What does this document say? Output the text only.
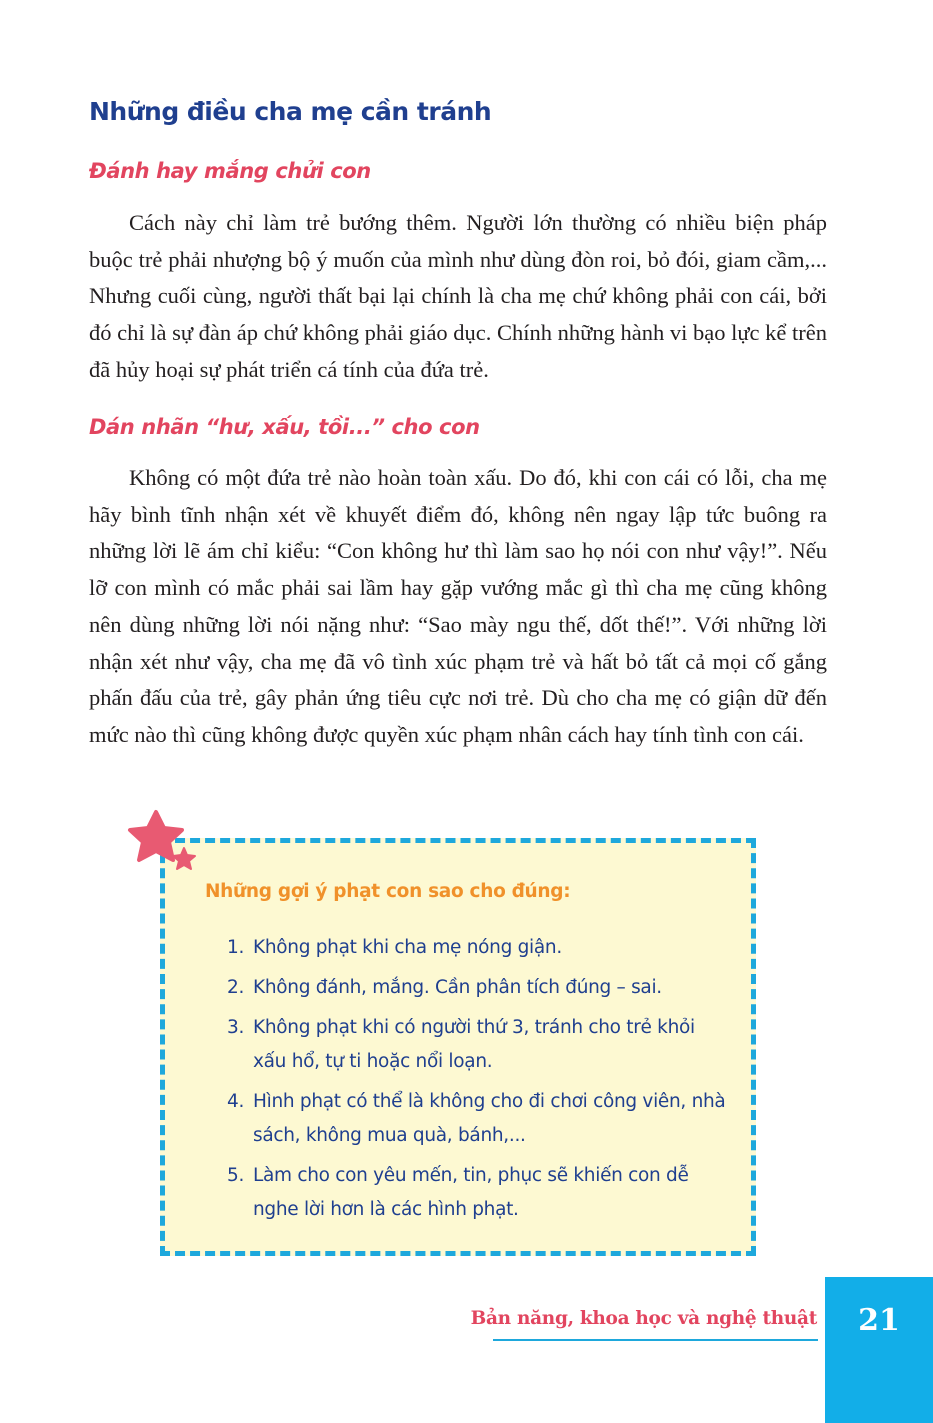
Những điều cha mẹ cần tránh
Đánh hay mắng chửi con

Cách này chỉ làm trẻ bướng thêm. Người lớn thường có nhiều biện pháp buộc trẻ phải nhượng bộ ý muốn của mình như dùng đòn roi, bỏ đói, giam cầm,... Nhưng cuối cùng, người thất bại lại chính là cha mẹ chứ không phải con cái, bởi đó chỉ là sự đàn áp chứ không phải giáo dục. Chính những hành vi bạo lực kể trên đã hủy hoại sự phát triển cá tính của đứa trẻ.

Dán nhãn “hư, xấu, tồi...” cho con

Không có một đứa trẻ nào hoàn toàn xấu. Do đó, khi con cái có lỗi, cha mẹ hãy bình tĩnh nhận xét về khuyết điểm đó, không nên ngay lập tức buông ra những lời lẽ ám chỉ kiểu: “Con không hư thì làm sao họ nói con như vậy!”. Nếu lỡ con mình có mắc phải sai lầm hay gặp vướng mắc gì thì cha mẹ cũng không nên dùng những lời nói nặng như: “Sao mày ngu thế, dốt thế!”. Với những lời nhận xét như vậy, cha mẹ đã vô tình xúc phạm trẻ và hất bỏ tất cả mọi cố gắng phấn đấu của trẻ, gây phản ứng tiêu cực nơi trẻ. Dù cho cha mẹ có giận dữ đến mức nào thì cũng không được quyền xúc phạm nhân cách hay tính tình con cái.

Những gợi ý phạt con sao cho đúng:
1. Không phạt khi cha mẹ nóng giận.
2. Không đánh, mắng. Cần phân tích đúng – sai.
3. Không phạt khi có người thứ 3, tránh cho trẻ khỏi xấu hổ, tự ti hoặc nổi loạn.
4. Hình phạt có thể là không cho đi chơi công viên, nhà sách, không mua quà, bánh,...
5. Làm cho con yêu mến, tin, phục sẽ khiến con dễ nghe lời hơn là các hình phạt.

Bản năng, khoa học và nghệ thuật	21
